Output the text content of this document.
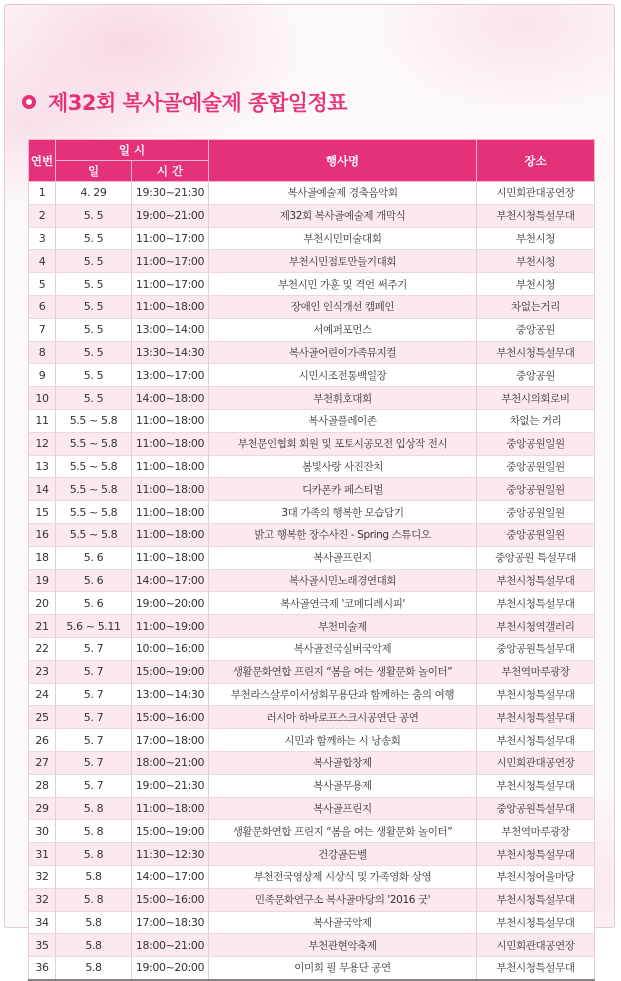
제32회 복사골예술제 종합일정표
연번	일 시		행사명	장소
	일	시 간		
1	4. 29	19:30~21:30	복사골예술제 경축음악회	시민회관대공연장
2	5. 5	19:00~21:00	제32회 복사골예술제 개막식	부천시청특설무대
3	5. 5	11:00~17:00	부천시민미술대회	부천시청
4	5. 5	11:00~17:00	부천시민점토만들기대회	부천시청
5	5. 5	11:00~17:00	부천시민 가훈 및 격언 써주기	부천시청
6	5. 5	11:00~18:00	장애인 인식개선 캠페인	차없는거리
7	5. 5	13:00~14:00	서예퍼포먼스	중앙공원
8	5. 5	13:30~14:30	복사골어린이가족뮤지컬	부천시청특설무대
9	5. 5	13:00~17:00	시민시조전통백일장	중앙공원
10	5. 5	14:00~18:00	부천휘호대회	부천시의회로비
11	5.5 ~ 5.8	11:00~18:00	복사골플레이존	차없는 거리
12	5.5 ~ 5.8	11:00~18:00	부천문인협회 회원 및 포토시공모전 입상작 전시	중앙공원일원
13	5.5 ~ 5.8	11:00~18:00	봄빛사랑 사진잔치	중앙공원일원
14	5.5 ~ 5.8	11:00~18:00	디카폰카 페스티벌	중앙공원일원
15	5.5 ~ 5.8	11:00~18:00	3대 가족의 행복한 모습담기	중앙공원일원
16	5.5 ~ 5.8	11:00~18:00	밝고 행복한 장수사진 - Spring 스튜디오	중앙공원일원
18	5. 6	11:00~18:00	복사골프린지	중앙공원 특설무대
19	5. 6	14:00~17:00	복사골시민노래경연대회	부천시청특설무대
20	5. 6	19:00~20:00	복사골연극제 '코메디레시피'	부천시청특설무대
21	5.6 ~ 5.11	11:00~19:00	부천미술제	부천시청역갤러리
22	5. 7	10:00~16:00	복사골전국실버국악제	중앙공원특설무대
23	5. 7	15:00~19:00	생활문화연합 프린지 “봄을 여는 생활문화 놀이터”	부천역마루광장
24	5. 7	13:00~14:30	부천라스살루이서성회무용단과 함께하는 춤의 여행	부천시청특설무대
25	5. 7	15:00~16:00	러시아 하바로프스크시공연단 공연	부천시청특설무대
26	5. 7	17:00~18:00	시민과 함께하는 시 낭송회	부천시청특설무대
27	5. 7	18:00~21:00	복사골합창제	시민회관대공연장
28	5. 7	19:00~21:30	복사골무용제	부천시청특설무대
29	5. 8	11:00~18:00	복사골프린지	중앙공원특설무대
30	5. 8	15:00~19:00	생활문화연합 프린지 “봄을 여는 생활문화 놀이터”	부천역마루광장
31	5. 8	11:30~12:30	건강골든벨	부천시청특설무대
32	5.8	14:00~17:00	부천전국영상제 시상식 및 가족영화 상영	부천시청어울마당
32	5. 8	15:00~16:00	민족문화연구소 복사골마당의 '2016 굿'	부천시청특설무대
34	5.8	17:00~18:30	복사골국악제	부천시청특설무대
35	5.8	18:00~21:00	부천관현악축제	시민회관대공연장
36	5.8	19:00~20:00	이미희 필 무용단 공연	부천시청특설무대
